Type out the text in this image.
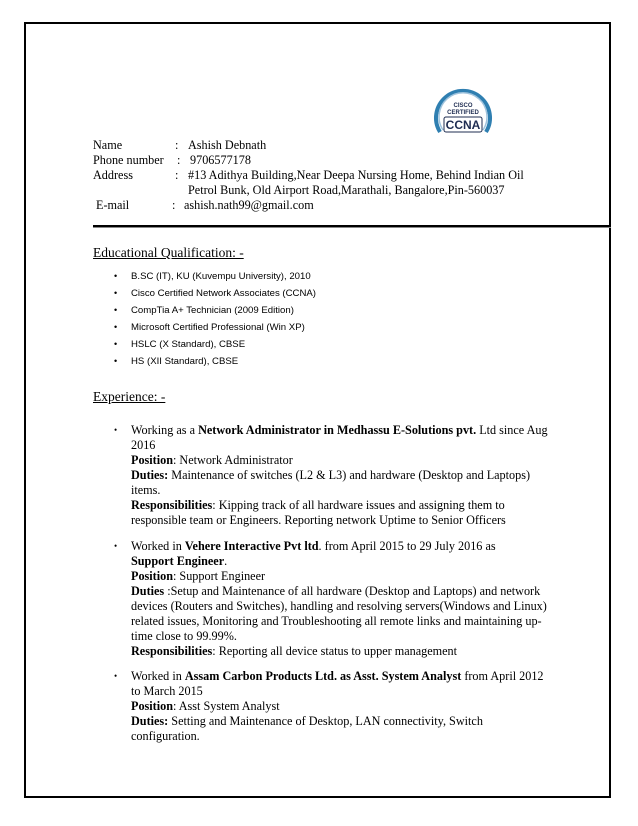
CISCO
CERTIFIED
CCNA
Name	: Ashish Debnath
Phone number : 9706577178
Address	: #13 Adithya Building,Near Deepa Nursing Home, Behind Indian Oil
Petrol Bunk, Old Airport Road,Marathali, Bangalore,Pin-560037
E-mail	: ashish.nath99@gmail.com
Educational Qualification: -
• B.SC (IT), KU (Kuvempu University), 2010
• Cisco Certified Network Associates (CCNA)
• CompTia A+ Technician (2009 Edition)
• Microsoft Certified Professional (Win XP)
• HSLC (X Standard), CBSE
• HS (XII Standard), CBSE
Experience: -
• Working as a Network Administrator in Medhassu E-Solutions pvt. Ltd since Aug 2016
Position: Network Administrator
Duties: Maintenance of switches (L2 & L3) and hardware (Desktop and Laptops) items.
Responsibilities: Kipping track of all hardware issues and assigning them to responsible team or Engineers. Reporting network Uptime to Senior Officers
• Worked in Vehere Interactive Pvt ltd. from April 2015 to 29 July 2016 as
Support Engineer.
Position: Support Engineer
Duties :Setup and Maintenance of all hardware (Desktop and Laptops) and network devices (Routers and Switches), handling and resolving servers(Windows and Linux) related issues, Monitoring and Troubleshooting all remote links and maintaining up-time close to 99.99%.
Responsibilities: Reporting all device status to upper management
• Worked in Assam Carbon Products Ltd. as Asst. System Analyst from April 2012 to March 2015
Position: Asst System Analyst
Duties: Setting and Maintenance of Desktop, LAN connectivity, Switch configuration.
